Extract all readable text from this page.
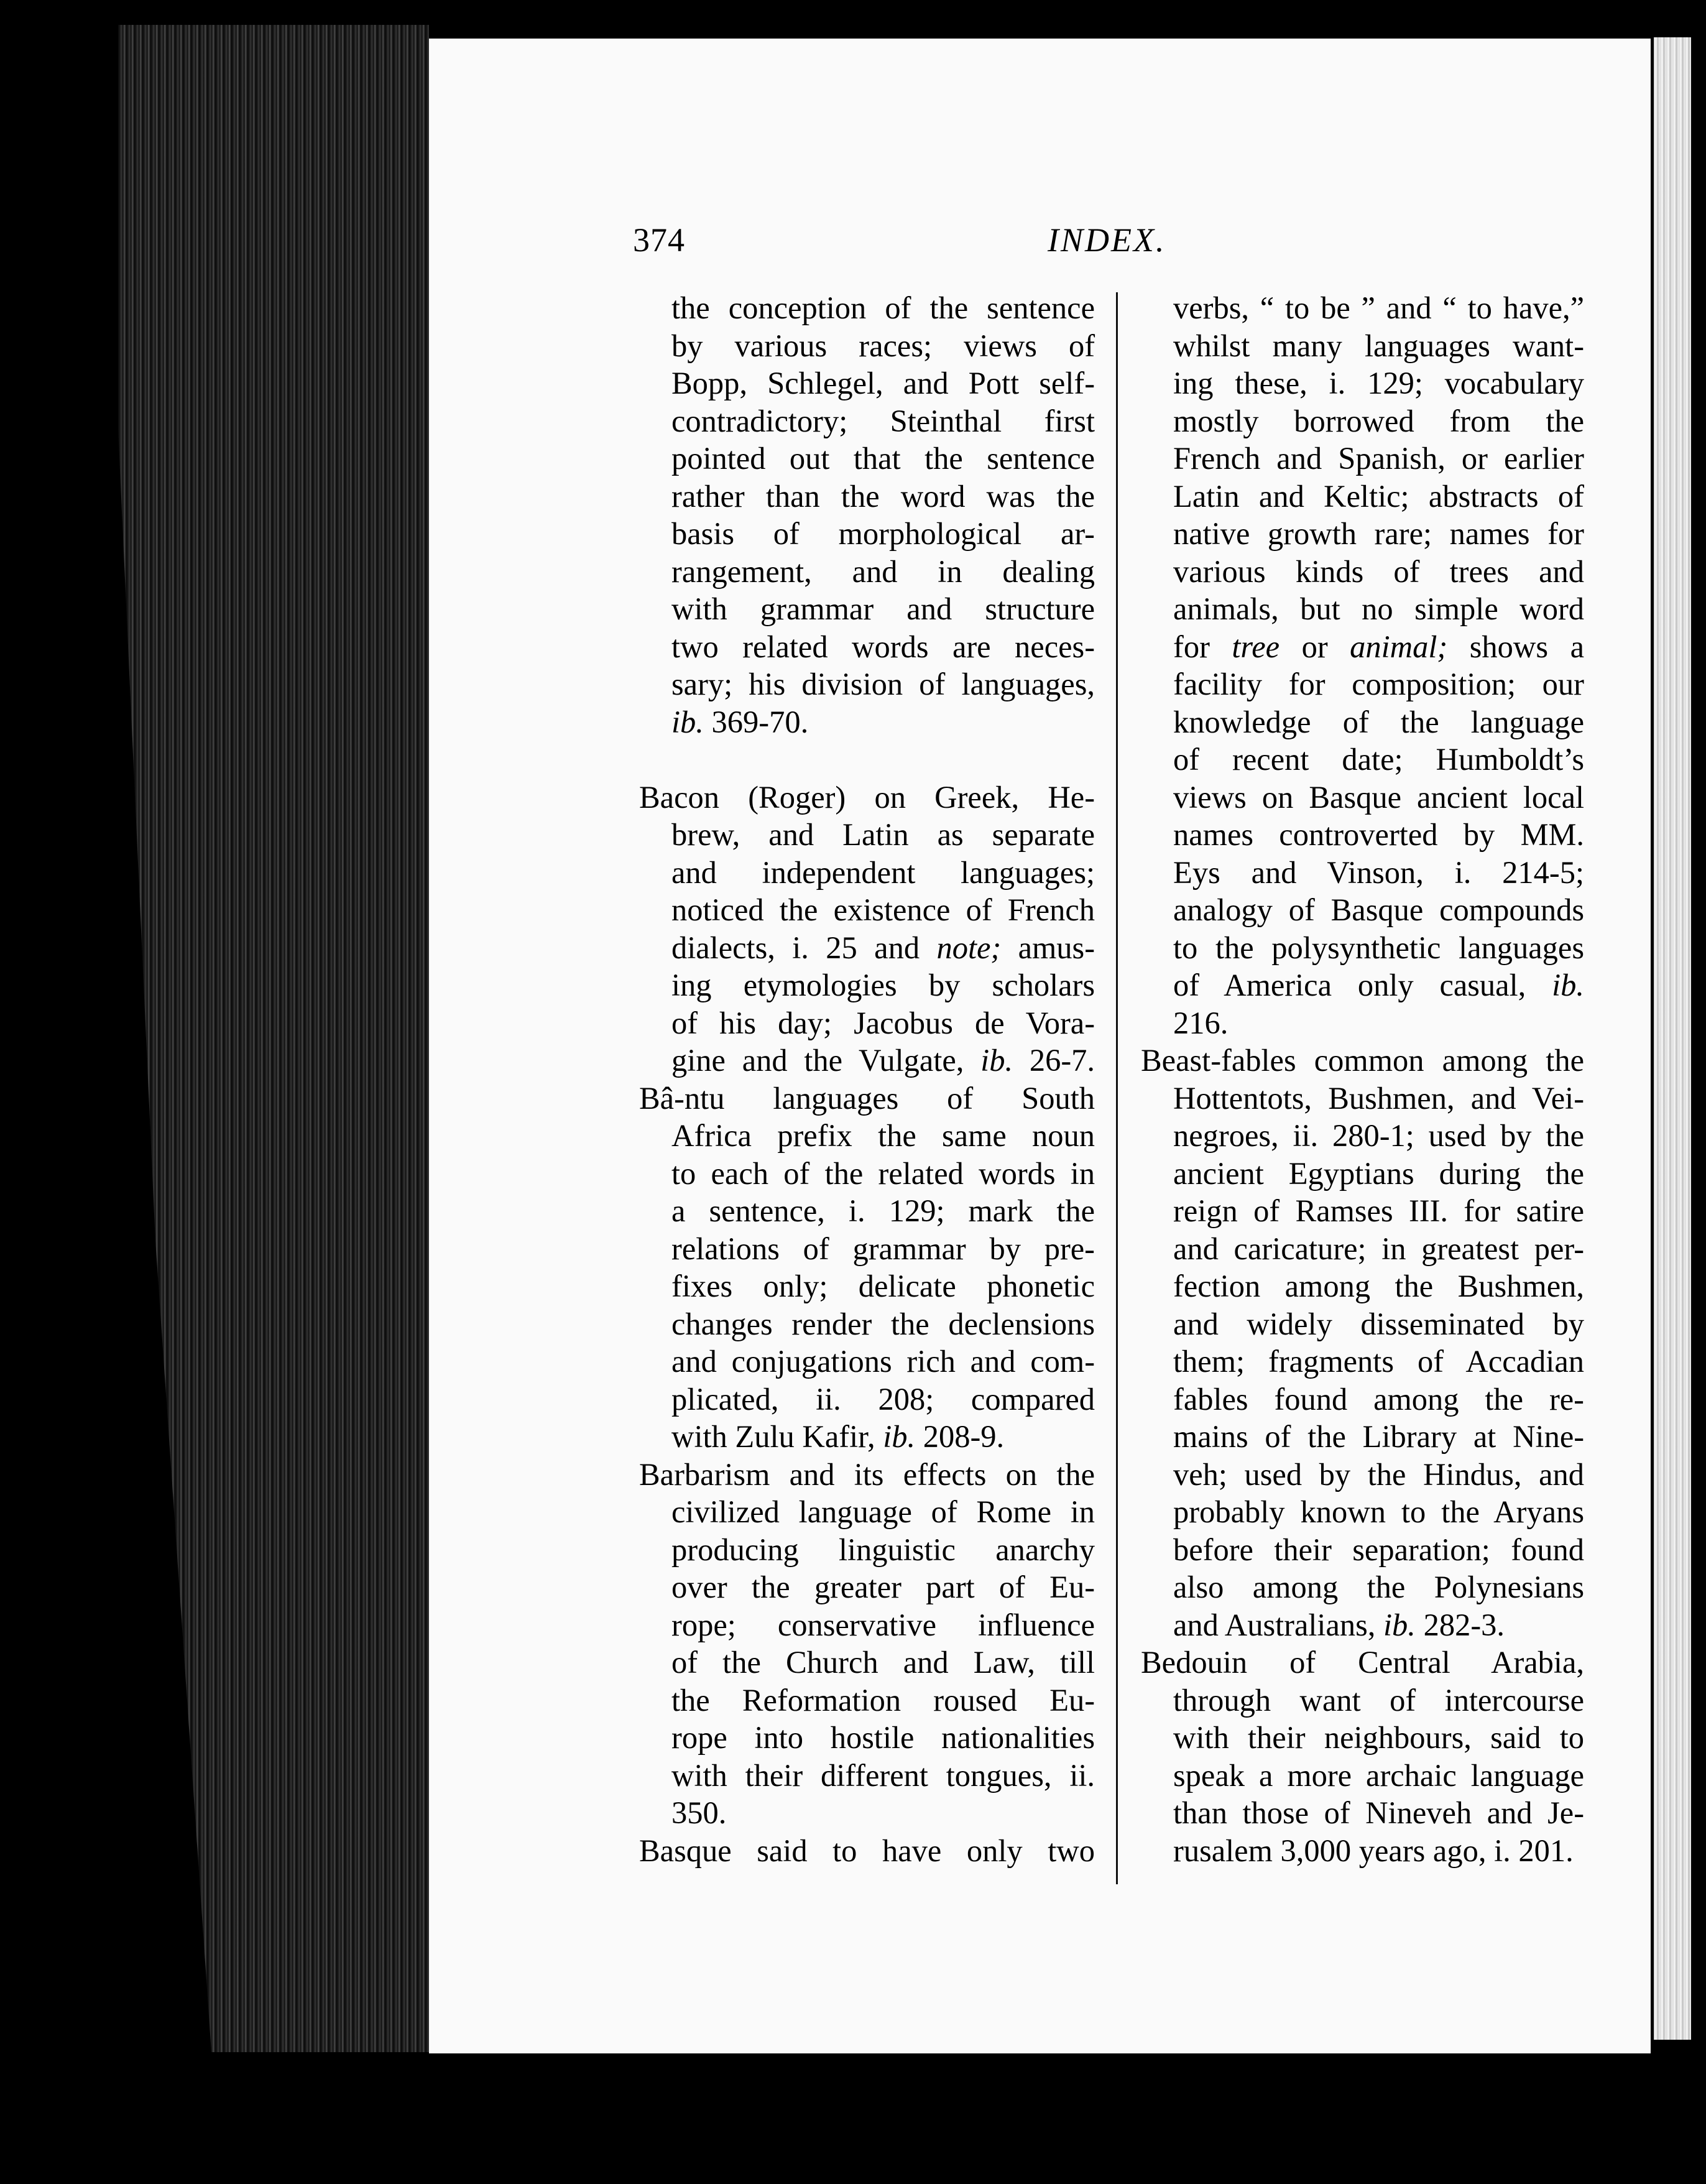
374	INDEX.
the conception of the sentence
by various races; views of
Bopp, Schlegel, and Pott self-
contradictory; Steinthal first
pointed out that the sentence
rather than the word was the
basis of morphological ar-
rangement, and in dealing
with grammar and structure
two related words are neces-
sary; his division of languages,
ib. 369-70.
Bacon (Roger) on Greek, He-
brew, and Latin as separate
and independent languages;
noticed the existence of French
dialects, i. 25 and note; amus-
ing etymologies by scholars
of his day; Jacobus de Vora-
gine and the Vulgate, ib. 26-7.
Bâ-ntu languages of South
Africa prefix the same noun
to each of the related words in
a sentence, i. 129; mark the
relations of grammar by pre-
fixes only; delicate phonetic
changes render the declensions
and conjugations rich and com-
plicated, ii. 208; compared
with Zulu Kafir, ib. 208-9.
Barbarism and its effects on the
civilized language of Rome in
producing linguistic anarchy
over the greater part of Eu-
rope; conservative influence
of the Church and Law, till
the Reformation roused Eu-
rope into hostile nationalities
with their different tongues, ii.
350.
Basque said to have only two
verbs, “ to be ” and “ to have,”
whilst many languages want-
ing these, i. 129; vocabulary
mostly borrowed from the
French and Spanish, or earlier
Latin and Keltic; abstracts of
native growth rare; names for
various kinds of trees and
animals, but no simple word
for tree or animal; shows a
facility for composition; our
knowledge of the language
of recent date; Humboldt’s
views on Basque ancient local
names controverted by MM.
Eys and Vinson, i. 214-5;
analogy of Basque compounds
to the polysynthetic languages
of America only casual, ib.
216.
Beast-fables common among the
Hottentots, Bushmen, and Vei-
negroes, ii. 280-1; used by the
ancient Egyptians during the
reign of Ramses III. for satire
and caricature; in greatest per-
fection among the Bushmen,
and widely disseminated by
them; fragments of Accadian
fables found among the re-
mains of the Library at Nine-
veh; used by the Hindus, and
probably known to the Aryans
before their separation; found
also among the Polynesians
and Australians, ib. 282-3.
Bedouin of Central Arabia,
through want of intercourse
with their neighbours, said to
speak a more archaic language
than those of Nineveh and Je-
rusalem 3,000 years ago, i. 201.
